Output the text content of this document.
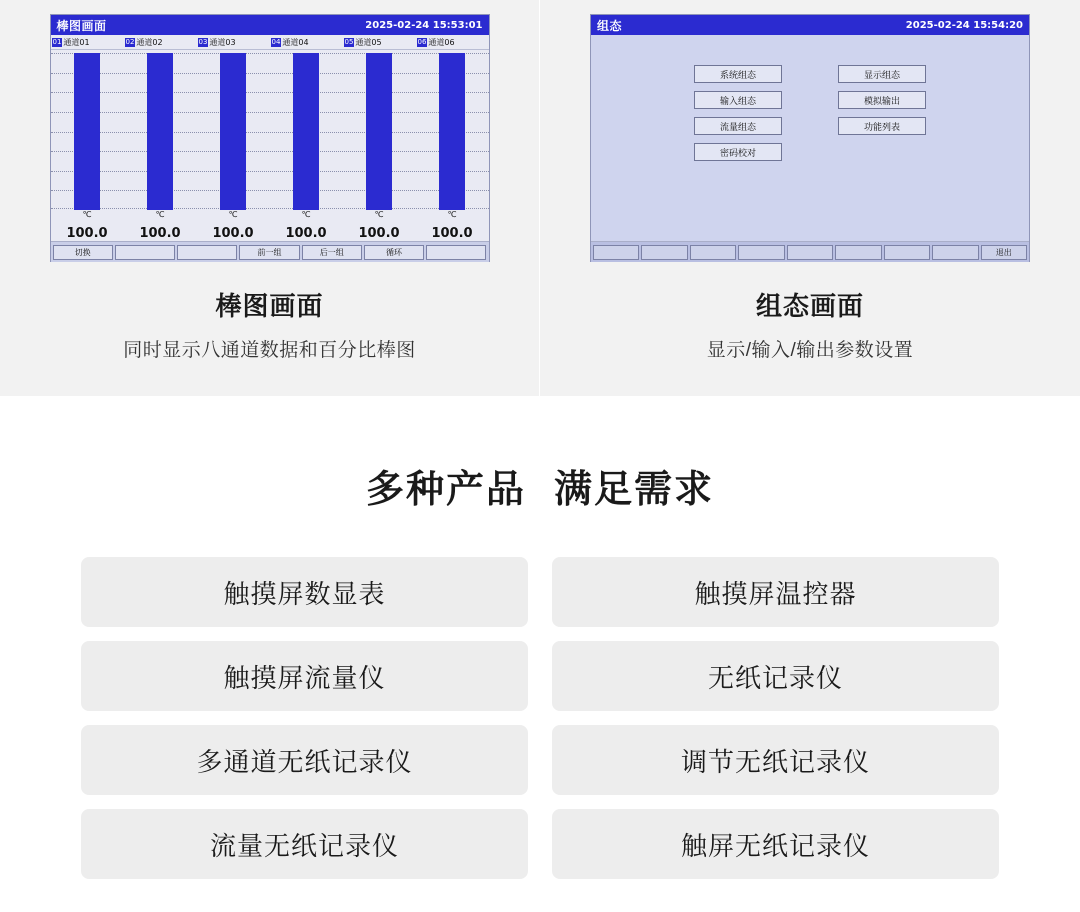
棒图画面	2025-02-24 15:53:01
01 通道01	02 通道02	03 通道03	04 通道04	05 通道05	06 通道06
℃	℃	℃	℃	℃	℃
100.0	100.0	100.0	100.0	100.0	100.0
切换	前一组	后一组	循环
棒图画面
同时显示八通道数据和百分比棒图
组态	2025-02-24 15:54:20
系统组态	显示组态
输入组态	模拟输出
流量组态	功能列表
密码校对
退出
组态画面
显示/输入/输出参数设置
多种产品 满足需求
触摸屏数显表	触摸屏温控器
触摸屏流量仪	无纸记录仪
多通道无纸记录仪	调节无纸记录仪
流量无纸记录仪	触屏无纸记录仪
